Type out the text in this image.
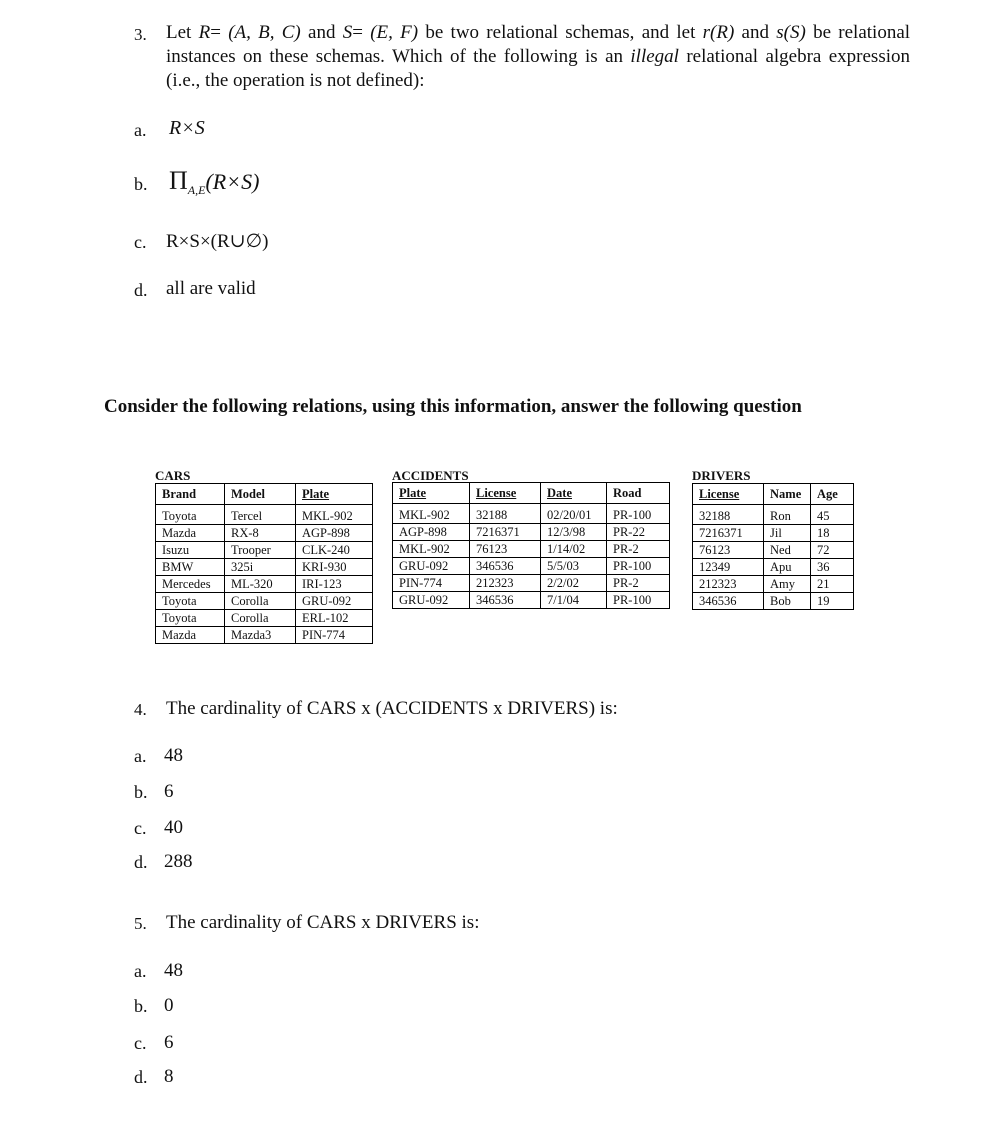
3. Let R= (A, B, C) and S= (E, F) be two relational schemas, and let r(R) and s(S) be relational instances on these schemas. Which of the following is an illegal relational algebra expression (i.e., the operation is not defined):
a. R×S
b. $\Pi_{A,E}(R\times S)$
c. R×S×(R∪∅)
d. all are valid
Consider the following relations, using this information, answer the following question
CARS
Brand	Model	Plate
Toyota	Tercel	MKL-902
Mazda	RX-8	AGP-898
Isuzu	Trooper	CLK-240
BMW	325i	KRI-930
Mercedes	ML-320	IRI-123
Toyota	Corolla	GRU-092
Toyota	Corolla	ERL-102
Mazda	Mazda3	PIN-774
ACCIDENTS
Plate	License	Date	Road
MKL-902	32188	02/20/01	PR-100
AGP-898	7216371	12/3/98	PR-22
MKL-902	76123	1/14/02	PR-2
GRU-092	346536	5/5/03	PR-100
PIN-774	212323	2/2/02	PR-2
GRU-092	346536	7/1/04	PR-100
DRIVERS
License	Name	Age
32188	Ron	45
7216371	Jil	18
76123	Ned	72
12349	Apu	36
212323	Amy	21
346536	Bob	19
4. The cardinality of CARS x (ACCIDENTS x DRIVERS) is:
a. 48
b. 6
c. 40
d. 288
5. The cardinality of CARS x DRIVERS is:
a. 48
b. 0
c. 6
d. 8
